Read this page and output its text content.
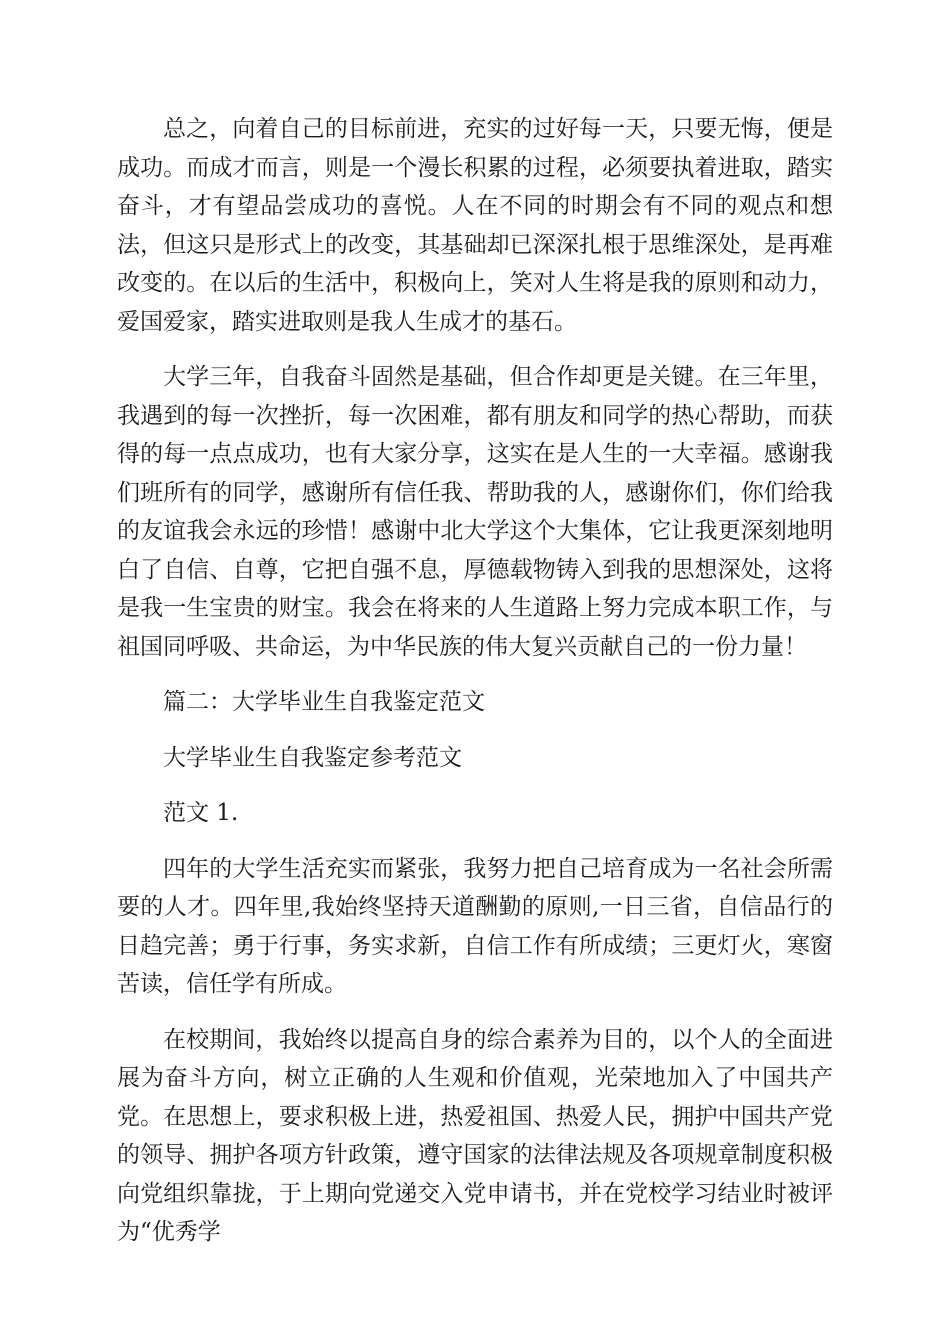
总之，向着自己的目标前进，充实的过好每一天，只要无悔，便是成功。而成才而言，则是一个漫长积累的过程，必须要执着进取，踏实奋斗，才有望品尝成功的喜悦。人在不同的时期会有不同的观点和想法，但这只是形式上的改变，其基础却已深深扎根于思维深处，是再难改变的。在以后的生活中，积极向上，笑对人生将是我的原则和动力，爱国爱家，踏实进取则是我人生成才的基石。

大学三年，自我奋斗固然是基础，但合作却更是关键。在三年里，我遇到的每一次挫折，每一次困难，都有朋友和同学的热心帮助，而获得的每一点点成功，也有大家分享，这实在是人生的一大幸福。感谢我们班所有的同学，感谢所有信任我、帮助我的人，感谢你们，你们给我的友谊我会永远的珍惜！感谢中北大学这个大集体，它让我更深刻地明白了自信、自尊，它把自强不息，厚德载物铸入到我的思想深处，这将是我一生宝贵的财宝。我会在将来的人生道路上努力完成本职工作，与祖国同呼吸、共命运，为中华民族的伟大复兴贡献自己的一份力量！

篇二：大学毕业生自我鉴定范文

大学毕业生自我鉴定参考范文

范文 1.

四年的大学生活充实而紧张，我努力把自己培育成为一名社会所需要的人才。四年里,我始终坚持天道酬勤的原则,一日三省，自信品行的日趋完善；勇于行事，务实求新，自信工作有所成绩；三更灯火，寒窗苦读，信任学有所成。

在校期间，我始终以提高自身的综合素养为目的，以个人的全面进展为奋斗方向，树立正确的人生观和价值观，光荣地加入了中国共产党。在思想上，要求积极上进，热爱祖国、热爱人民，拥护中国共产党的领导、拥护各项方针政策，遵守国家的法律法规及各项规章制度积极向党组织靠拢，于上期向党递交入党申请书，并在党校学习结业时被评为“优秀学
